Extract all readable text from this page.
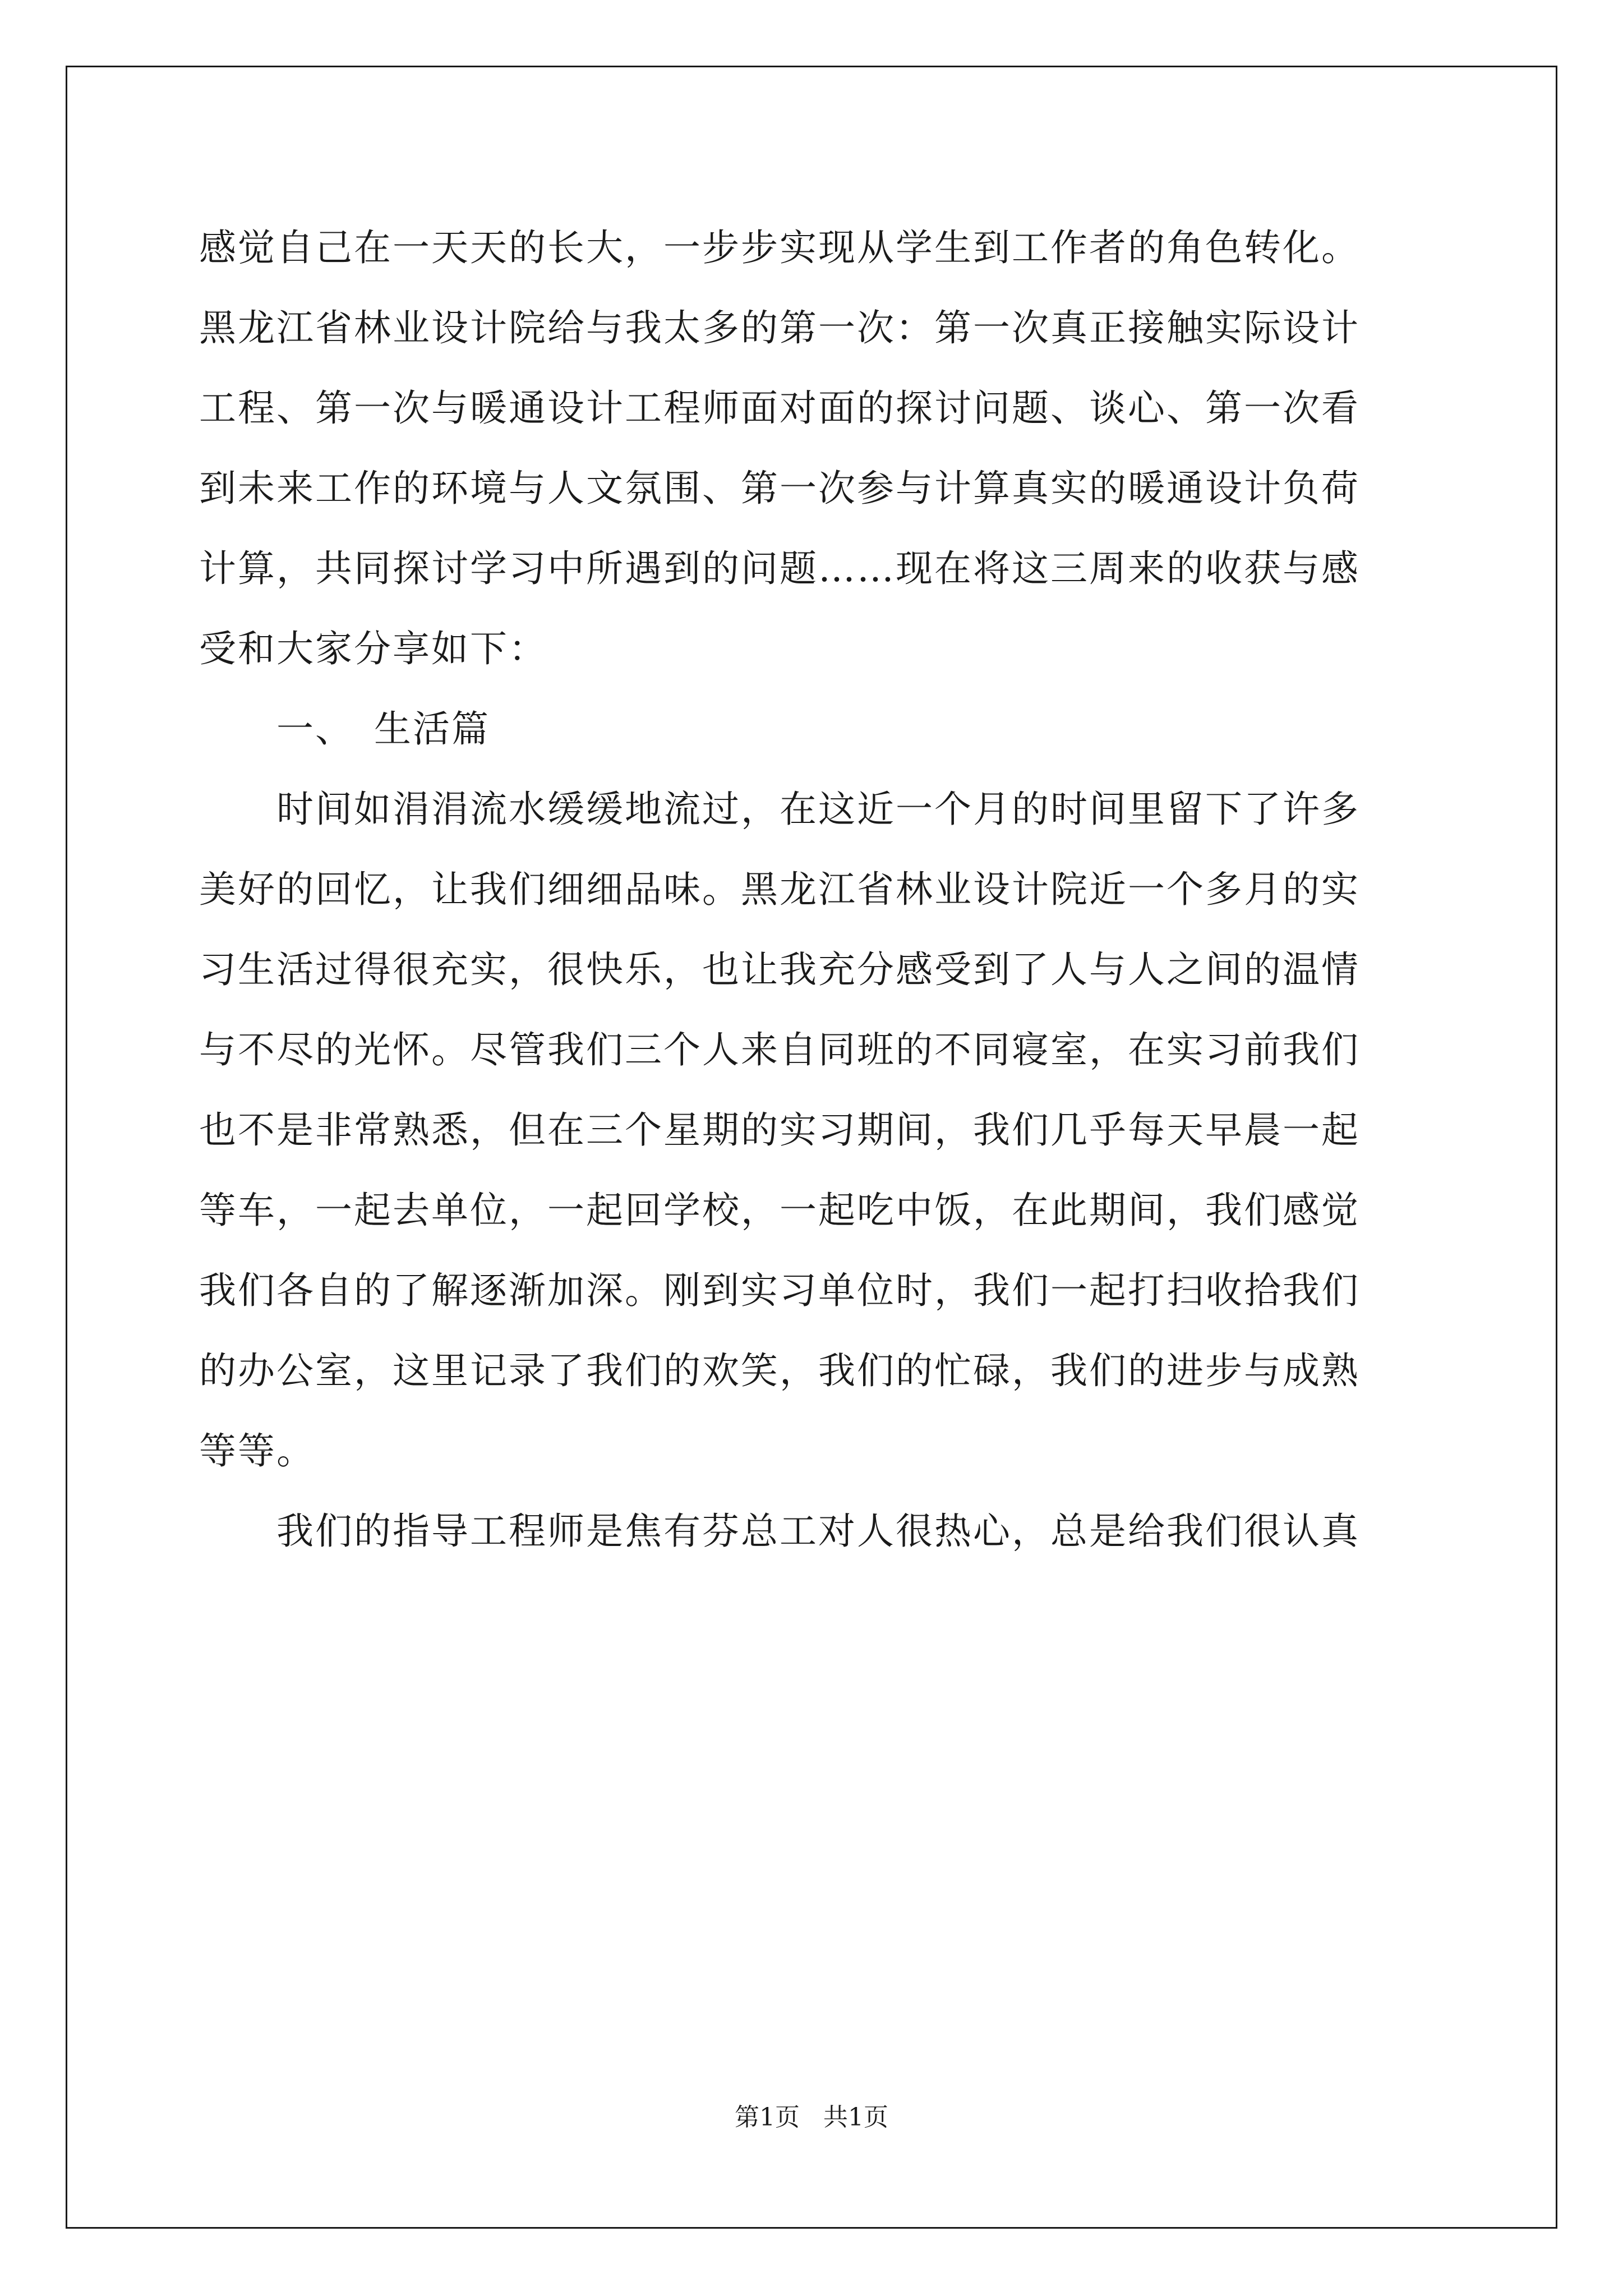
感觉自己在一天天的长大，一步步实现从学生到工作者的角色转化。
黑龙江省林业设计院给与我太多的第一次：第一次真正接触实际设计
工程、第一次与暖通设计工程师面对面的探讨问题、谈心、第一次看
到未来工作的环境与人文氛围、第一次参与计算真实的暖通设计负荷
计算，共同探讨学习中所遇到的问题……现在将这三周来的收获与感
受和大家分享如下：
　　一、　生活篇
　　时间如涓涓流水缓缓地流过，在这近一个月的时间里留下了许多
美好的回忆，让我们细细品味。黑龙江省林业设计院近一个多月的实
习生活过得很充实，很快乐，也让我充分感受到了人与人之间的温情
与不尽的光怀。尽管我们三个人来自同班的不同寝室，在实习前我们
也不是非常熟悉，但在三个星期的实习期间，我们几乎每天早晨一起
等车，一起去单位，一起回学校，一起吃中饭，在此期间，我们感觉
我们各自的了解逐渐加深。刚到实习单位时，我们一起打扫收拾我们
的办公室，这里记录了我们的欢笑，我们的忙碌，我们的进步与成熟
等等。
　　我们的指导工程师是焦有芬总工对人很热心，总是给我们很认真
第1页 共1页
